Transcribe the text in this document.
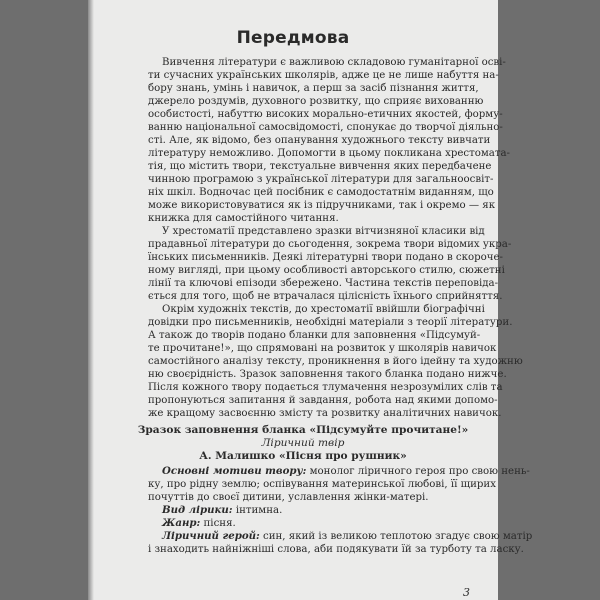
Передмова
Вивчення літератури є важливою складовою гуманітарної осві-
ти сучасних українських школярів, адже це не лише набуття на-
бору знань, умінь і навичок, а перш за засіб пізнання життя,
джерело роздумів, духовного розвитку, що сприяє вихованню
особистості, набуттю високих морально-етичних якостей, форму-
ванню національної самосвідомості, спонукає до творчої діяльно-
сті. Але, як відомо, без опанування художнього тексту вивчати
літературу неможливо. Допомогти в цьому покликана хрестомата-
тія, що містить твори, текстуальне вивчення яких передбачене
чинною програмою з української літератури для загальноосвіт-
ніх шкіл. Водночас цей посібник є самодостатнім виданням, що
може використовуватися як із підручниками, так і окремо — як
книжка для самостійного читання.
У хрестоматії представлено зразки вітчизняної класики від
прадавньої літератури до сьогодення, зокрема твори відомих укра-
їнських письменників. Деякі літературні твори подано в скороче-
ному вигляді, при цьому особливості авторського стилю, сюжетні
лінії та ключові епізоди збережено. Частина текстів переповіда-
ється для того, щоб не втрачалася цілісність їхнього сприйняття.
Окрім художніх текстів, до хрестоматії ввійшли біографічні
довідки про письменників, необхідні матеріали з теорії літератури.
А також до творів подано бланки для заповнення «Підсумуй-
те прочитане!», що спрямовані на розвиток у школярів навичок
самостійного аналізу тексту, проникнення в його ідейну та художню
ню своєрідність. Зразок заповнення такого бланка подано нижче.
Після кожного твору подається тлумачення незрозумілих слів та
пропонуються запитання й завдання, робота над якими допомо-
же кращому засвоєнню змісту та розвитку аналітичних навичок.
Зразок заповнення бланка «Підсумуйте прочитане!»
Ліричний твір
А. Малишко «Пісня про рушник»
Основні мотиви твору: монолог ліричного героя про свою нень-
ку, про рідну землю; оспівування материнської любові, її щирих
почуттів до своєї дитини, уславлення жінки-матері.
Вид лірики: інтимна.
Жанр: пісня.
Ліричний герой: син, який із великою теплотою згадує свою матір
і знаходить найніжніші слова, аби подякувати їй за турботу та ласку.
3
